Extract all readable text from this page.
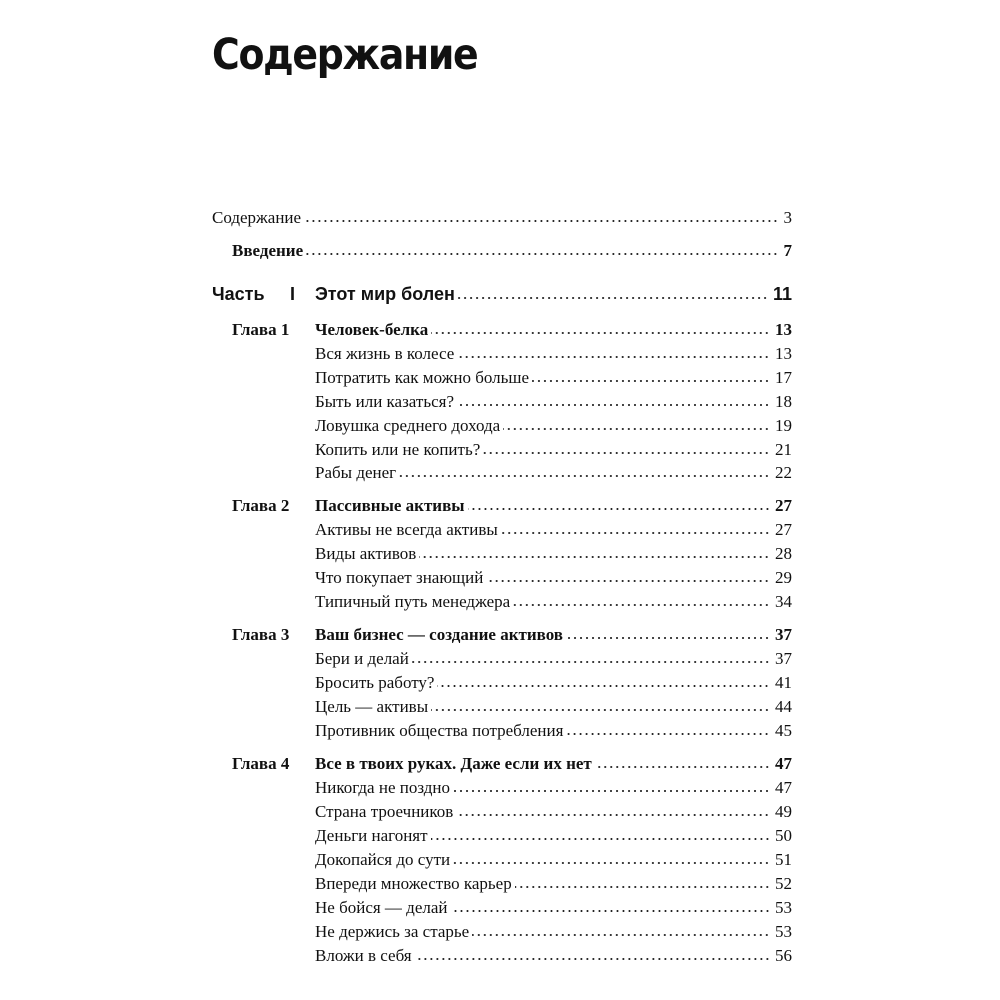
Содержание
Содержание	3
Введение	7
Часть	I Этот мир болен	11
Глава 1	Человек-белка	13
Вся жизнь в колесе	13
Потратить как можно больше	17
Быть или казаться?	18
Ловушка среднего дохода	19
Копить или не копить?	21
Рабы денег	22
Глава 2	Пассивные активы	27
Активы не всегда активы	27
Виды активов	28
Что покупает знающий	29
Типичный путь менеджера	34
Глава 3	Ваш бизнес — создание активов	37
Бери и делай	37
Бросить работу?	41
Цель — активы	44
Противник общества потребления	45
Глава 4	Все в твоих руках. Даже если их нет	47
Никогда не поздно	47
Страна троечников	49
Деньги нагонят	50
Докопайся до сути	51
Впереди множество карьер	52
Не бойся — делай	53
Не держись за старье	53
Вложи в себя	56
